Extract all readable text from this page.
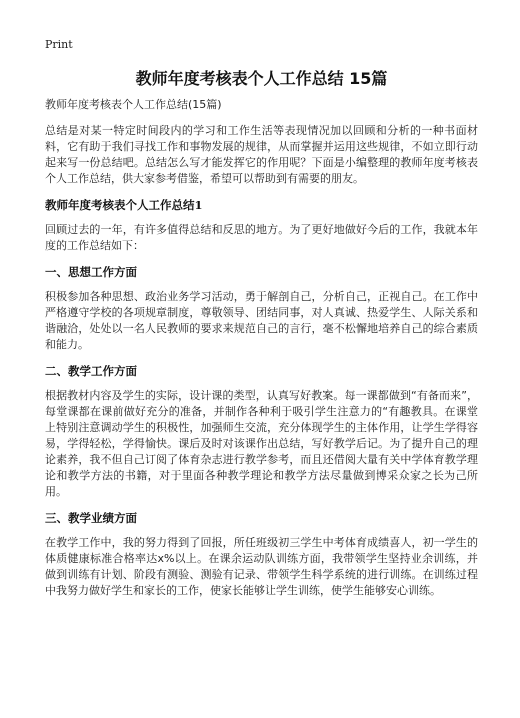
Print
教师年度考核表个人工作总结 15篇

教师年度考核表个人工作总结(15篇)

总结是对某一特定时间段内的学习和工作生活等表现情况加以回顾和分析的一种书面材料，它有助于我们寻找工作和事物发展的规律，从而掌握并运用这些规律，不如立即行动起来写一份总结吧。总结怎么写才能发挥它的作用呢？下面是小编整理的教师年度考核表个人工作总结，供大家参考借鉴，希望可以帮助到有需要的朋友。

教师年度考核表个人工作总结1

回顾过去的一年，有许多值得总结和反思的地方。为了更好地做好今后的工作，我就本年度的工作总结如下：

一、思想工作方面

积极参加各种思想、政治业务学习活动，勇于解剖自己，分析自己，正视自己。在工作中严格遵守学校的各项规章制度，尊敬领导、团结同事，对人真诚、热爱学生、人际关系和谐融洽，处处以一名人民教师的要求来规范自己的言行，毫不松懈地培养自己的综合素质和能力。

二、教学工作方面

根据教材内容及学生的实际，设计课的类型，认真写好教案。每一课都做到“有备而来”，每堂课都在课前做好充分的准备，并制作各种利于吸引学生注意力的“有趣教具。在课堂上特别注意调动学生的积极性，加强师生交流，充分体现学生的主体作用，让学生学得容易，学得轻松，学得愉快。课后及时对该课作出总结，写好教学后记。为了提升自己的理论素养，我不但自己订阅了体育杂志进行教学参考，而且还借阅大量有关中学体育教学理论和教学方法的书籍，对于里面各种教学理论和教学方法尽量做到博采众家之长为己所用。

三、教学业绩方面

在教学工作中，我的努力得到了回报，所任班级初三学生中考体育成绩喜人，初一学生的体质健康标准合格率达x%以上。在课余运动队训练方面，我带领学生坚持业余训练，并做到训练有计划、阶段有测验、测验有记录、带领学生科学系统的进行训练。在训练过程中我努力做好学生和家长的工作，使家长能够让学生训练，使学生能够安心训练。
